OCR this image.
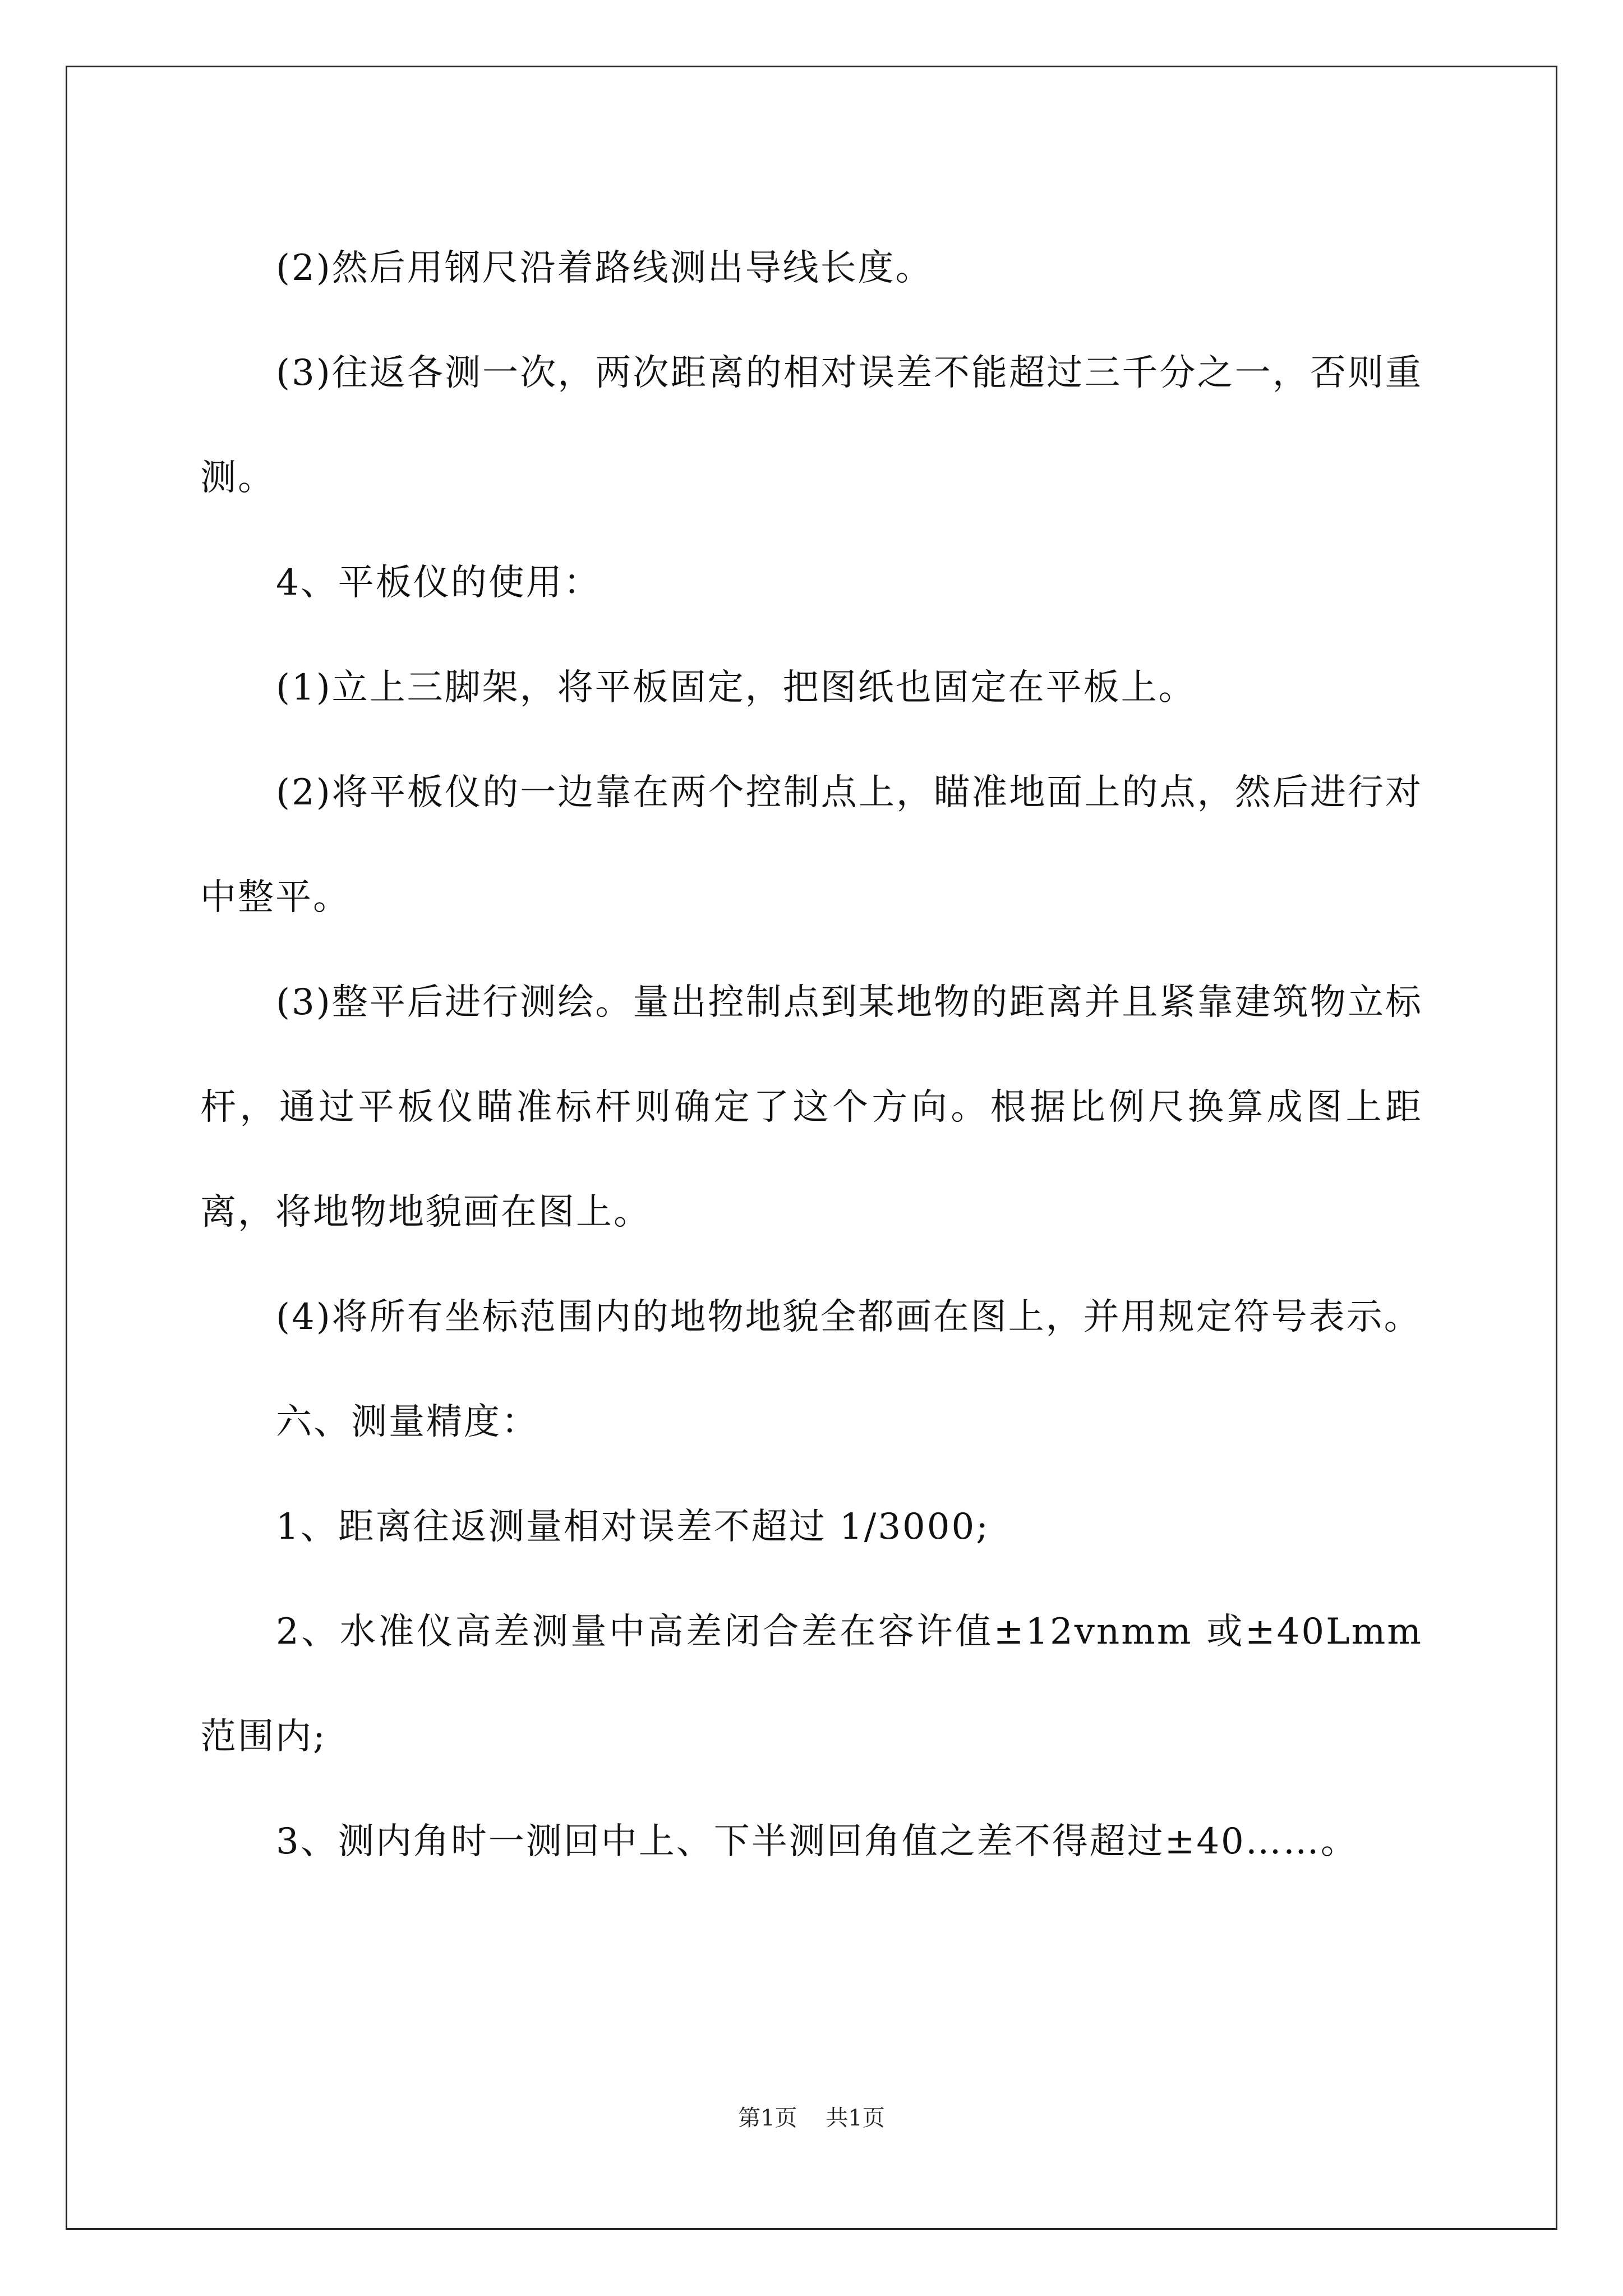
(2)然后用钢尺沿着路线测出导线长度。

(3)往返各测一次，两次距离的相对误差不能超过三千分之一，否则重测。

4、平板仪的使用：

(1)立上三脚架，将平板固定，把图纸也固定在平板上。

(2)将平板仪的一边靠在两个控制点上，瞄准地面上的点，然后进行对中整平。

(3)整平后进行测绘。量出控制点到某地物的距离并且紧靠建筑物立标杆，通过平板仪瞄准标杆则确定了这个方向。根据比例尺换算成图上距离，将地物地貌画在图上。

(4)将所有坐标范围内的地物地貌全都画在图上，并用规定符号表示。

六、测量精度：

1、距离往返测量相对误差不超过 1/3000;

2、水准仪高差测量中高差闭合差在容许值±12vnmm 或±40Lmm 范围内;

3、测内角时一测回中上、下半测回角值之差不得超过±40……。

第1页 共1页
